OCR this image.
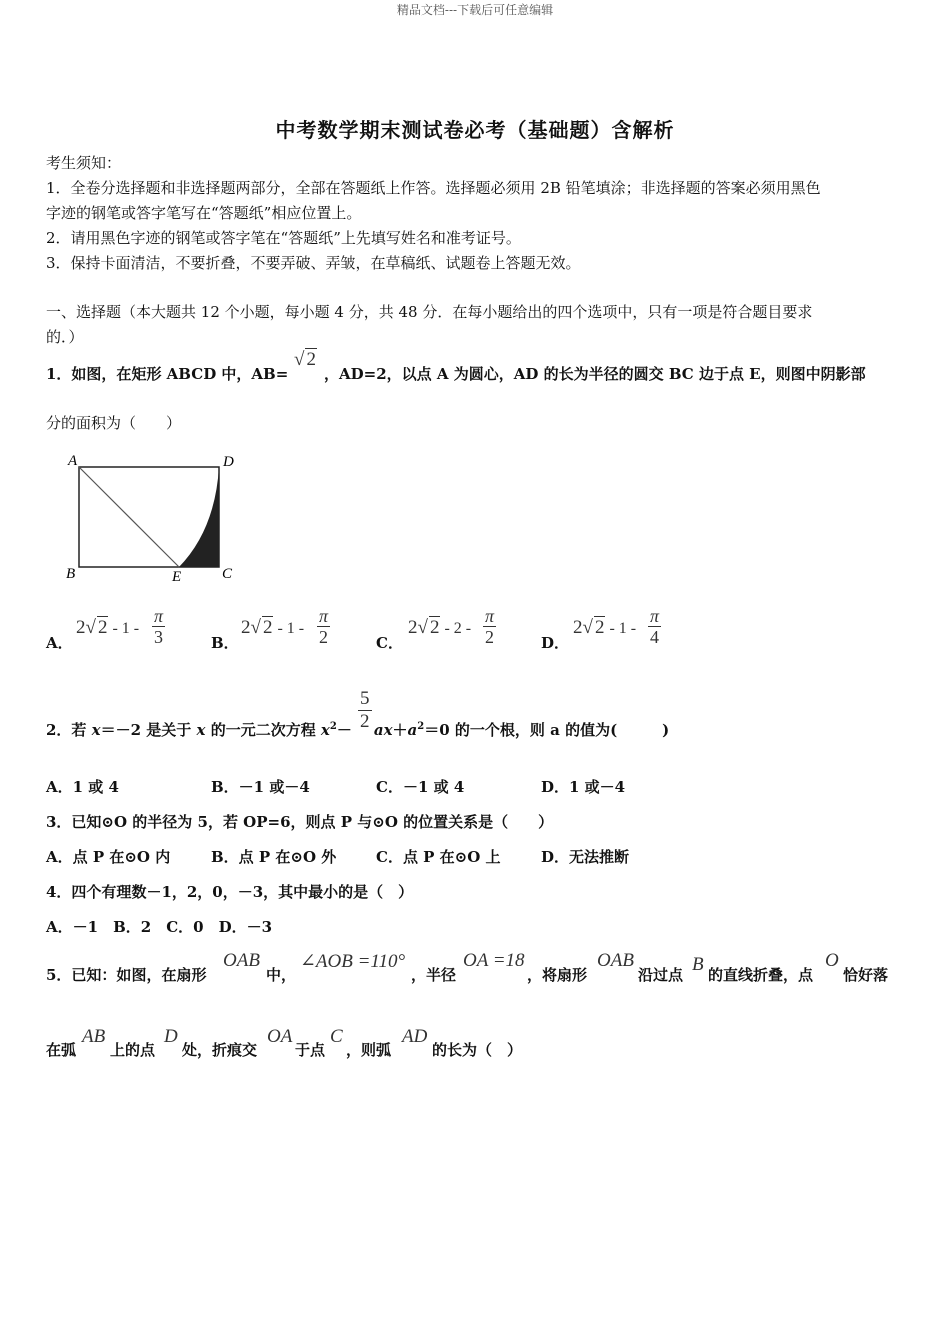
精品文档---下载后可任意编辑
中考数学期末测试卷必考（基础题）含解析
考生须知：
1．全卷分选择题和非选择题两部分，全部在答题纸上作答。选择题必须用 2B 铅笔填涂；非选择题的答案必须用黑色
字迹的钢笔或答字笔写在“答题纸”相应位置上。
2．请用黑色字迹的钢笔或答字笔在“答题纸”上先填写姓名和准考证号。
3．保持卡面清洁，不要折叠，不要弄破、弄皱，在草稿纸、试题卷上答题无效。
一、选择题（本大题共 12 个小题，每小题 4 分，共 48 分．在每小题给出的四个选项中，只有一项是符合题目要求
的．）
1．如图，在矩形 ABCD 中，AB=
√ 2
，AD=2，以点 A 为圆心，AD 的长为半径的圆交 BC 边于点 E，则图中阴影部
分的面积为（　　）
A	D
B	E	C
A．
2√ $2 - 1 - \frac{\pi}{3}$	B．
2√ $2 - 1 - \frac{\pi}{2}$	C．
2√ $2 - 2 - \frac{\pi}{2}$	D．
2√ $2 - 1 - \frac{\pi}{4}$
2．若 x＝－2 是关于 x 的一元二次方程 $x^2- ax+a^2=0$ 的一个根，则 a 的值为(　　　)
$\frac{5}{2}$
A．1 或 4	B．－1 或－4	C．－1 或 4	D．1 或－4
3．已知⊙O 的半径为 5，若 OP=6，则点 P 与⊙O 的位置关系是（　　）
A．点 P 在⊙O 内	B．点 P 在⊙O 外	C．点 P 在⊙O 上	D．无法推断
4．四个有理数－1，2，0，－3，其中最小的是（　）
A．－1　B．2　C．0　D．－3
5．已知：如图，在扇形
OAB
中，
∠AOB =110°
，半径
OA =18
，将扇形
OAB
沿过点 B 的直线折叠，点
O
恰好落
在弧
AB
上的点
D
处，折痕交
OA
于点
C
，则弧
AD
的长为（　）
